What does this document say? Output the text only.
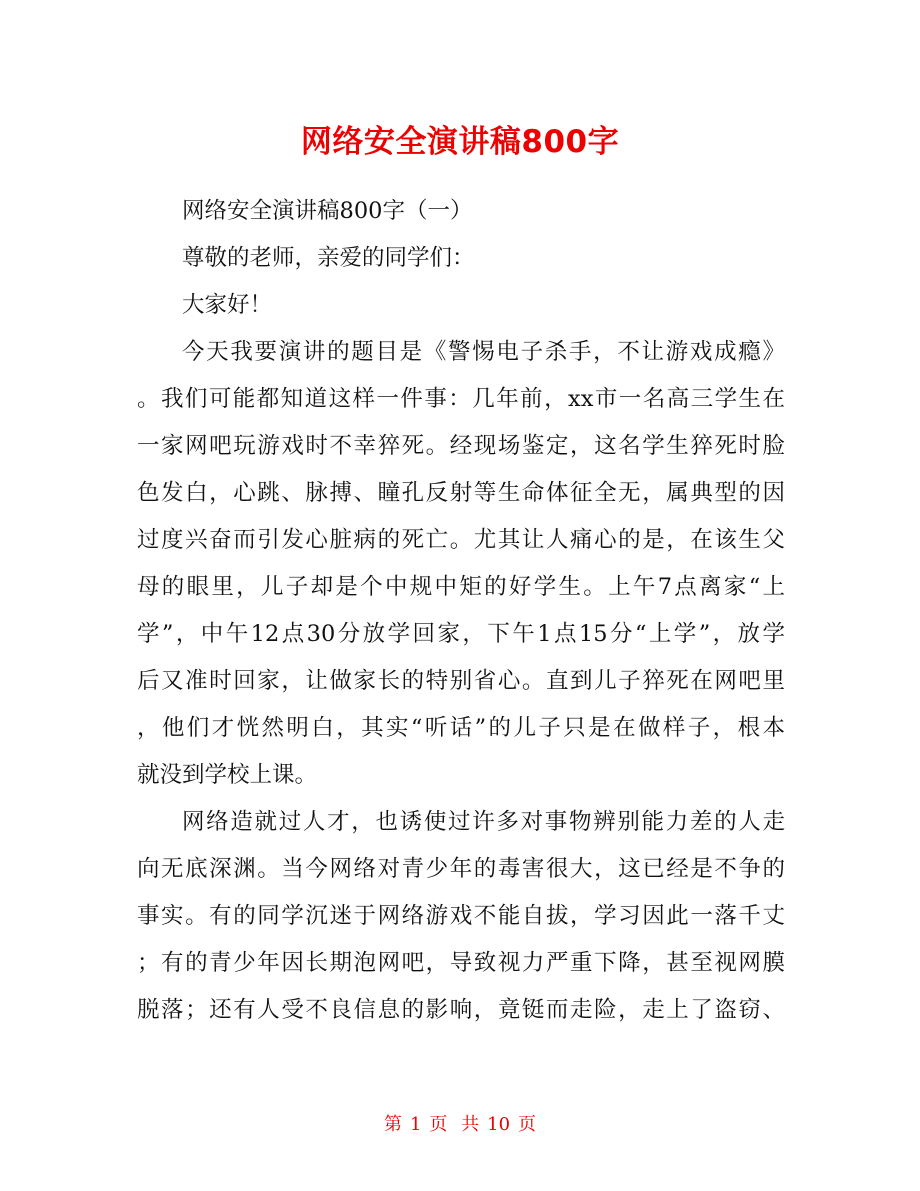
网络安全演讲稿800字
网络安全演讲稿800字（一）
尊敬的老师，亲爱的同学们：
大家好！
今天我要演讲的题目是《警惕电子杀手，不让游戏成瘾》
。我们可能都知道这样一件事：几年前，xx市一名高三学生在
一家网吧玩游戏时不幸猝死。经现场鉴定，这名学生猝死时脸
色发白，心跳、脉搏、瞳孔反射等生命体征全无，属典型的因
过度兴奋而引发心脏病的死亡。尤其让人痛心的是，在该生父
母的眼里，儿子却是个中规中矩的好学生。上午7点离家“上
学”，中午12点30分放学回家，下午1点15分“上学”，放学
后又准时回家，让做家长的特别省心。直到儿子猝死在网吧里
，他们才恍然明白，其实“听话”的儿子只是在做样子，根本
就没到学校上课。
网络造就过人才，也诱使过许多对事物辨别能力差的人走
向无底深渊。当今网络对青少年的毒害很大，这已经是不争的
事实。有的同学沉迷于网络游戏不能自拔，学习因此一落千丈
；有的青少年因长期泡网吧，导致视力严重下降，甚至视网膜
脱落；还有人受不良信息的影响，竟铤而走险，走上了盗窃、
第 1 页 共 10 页
